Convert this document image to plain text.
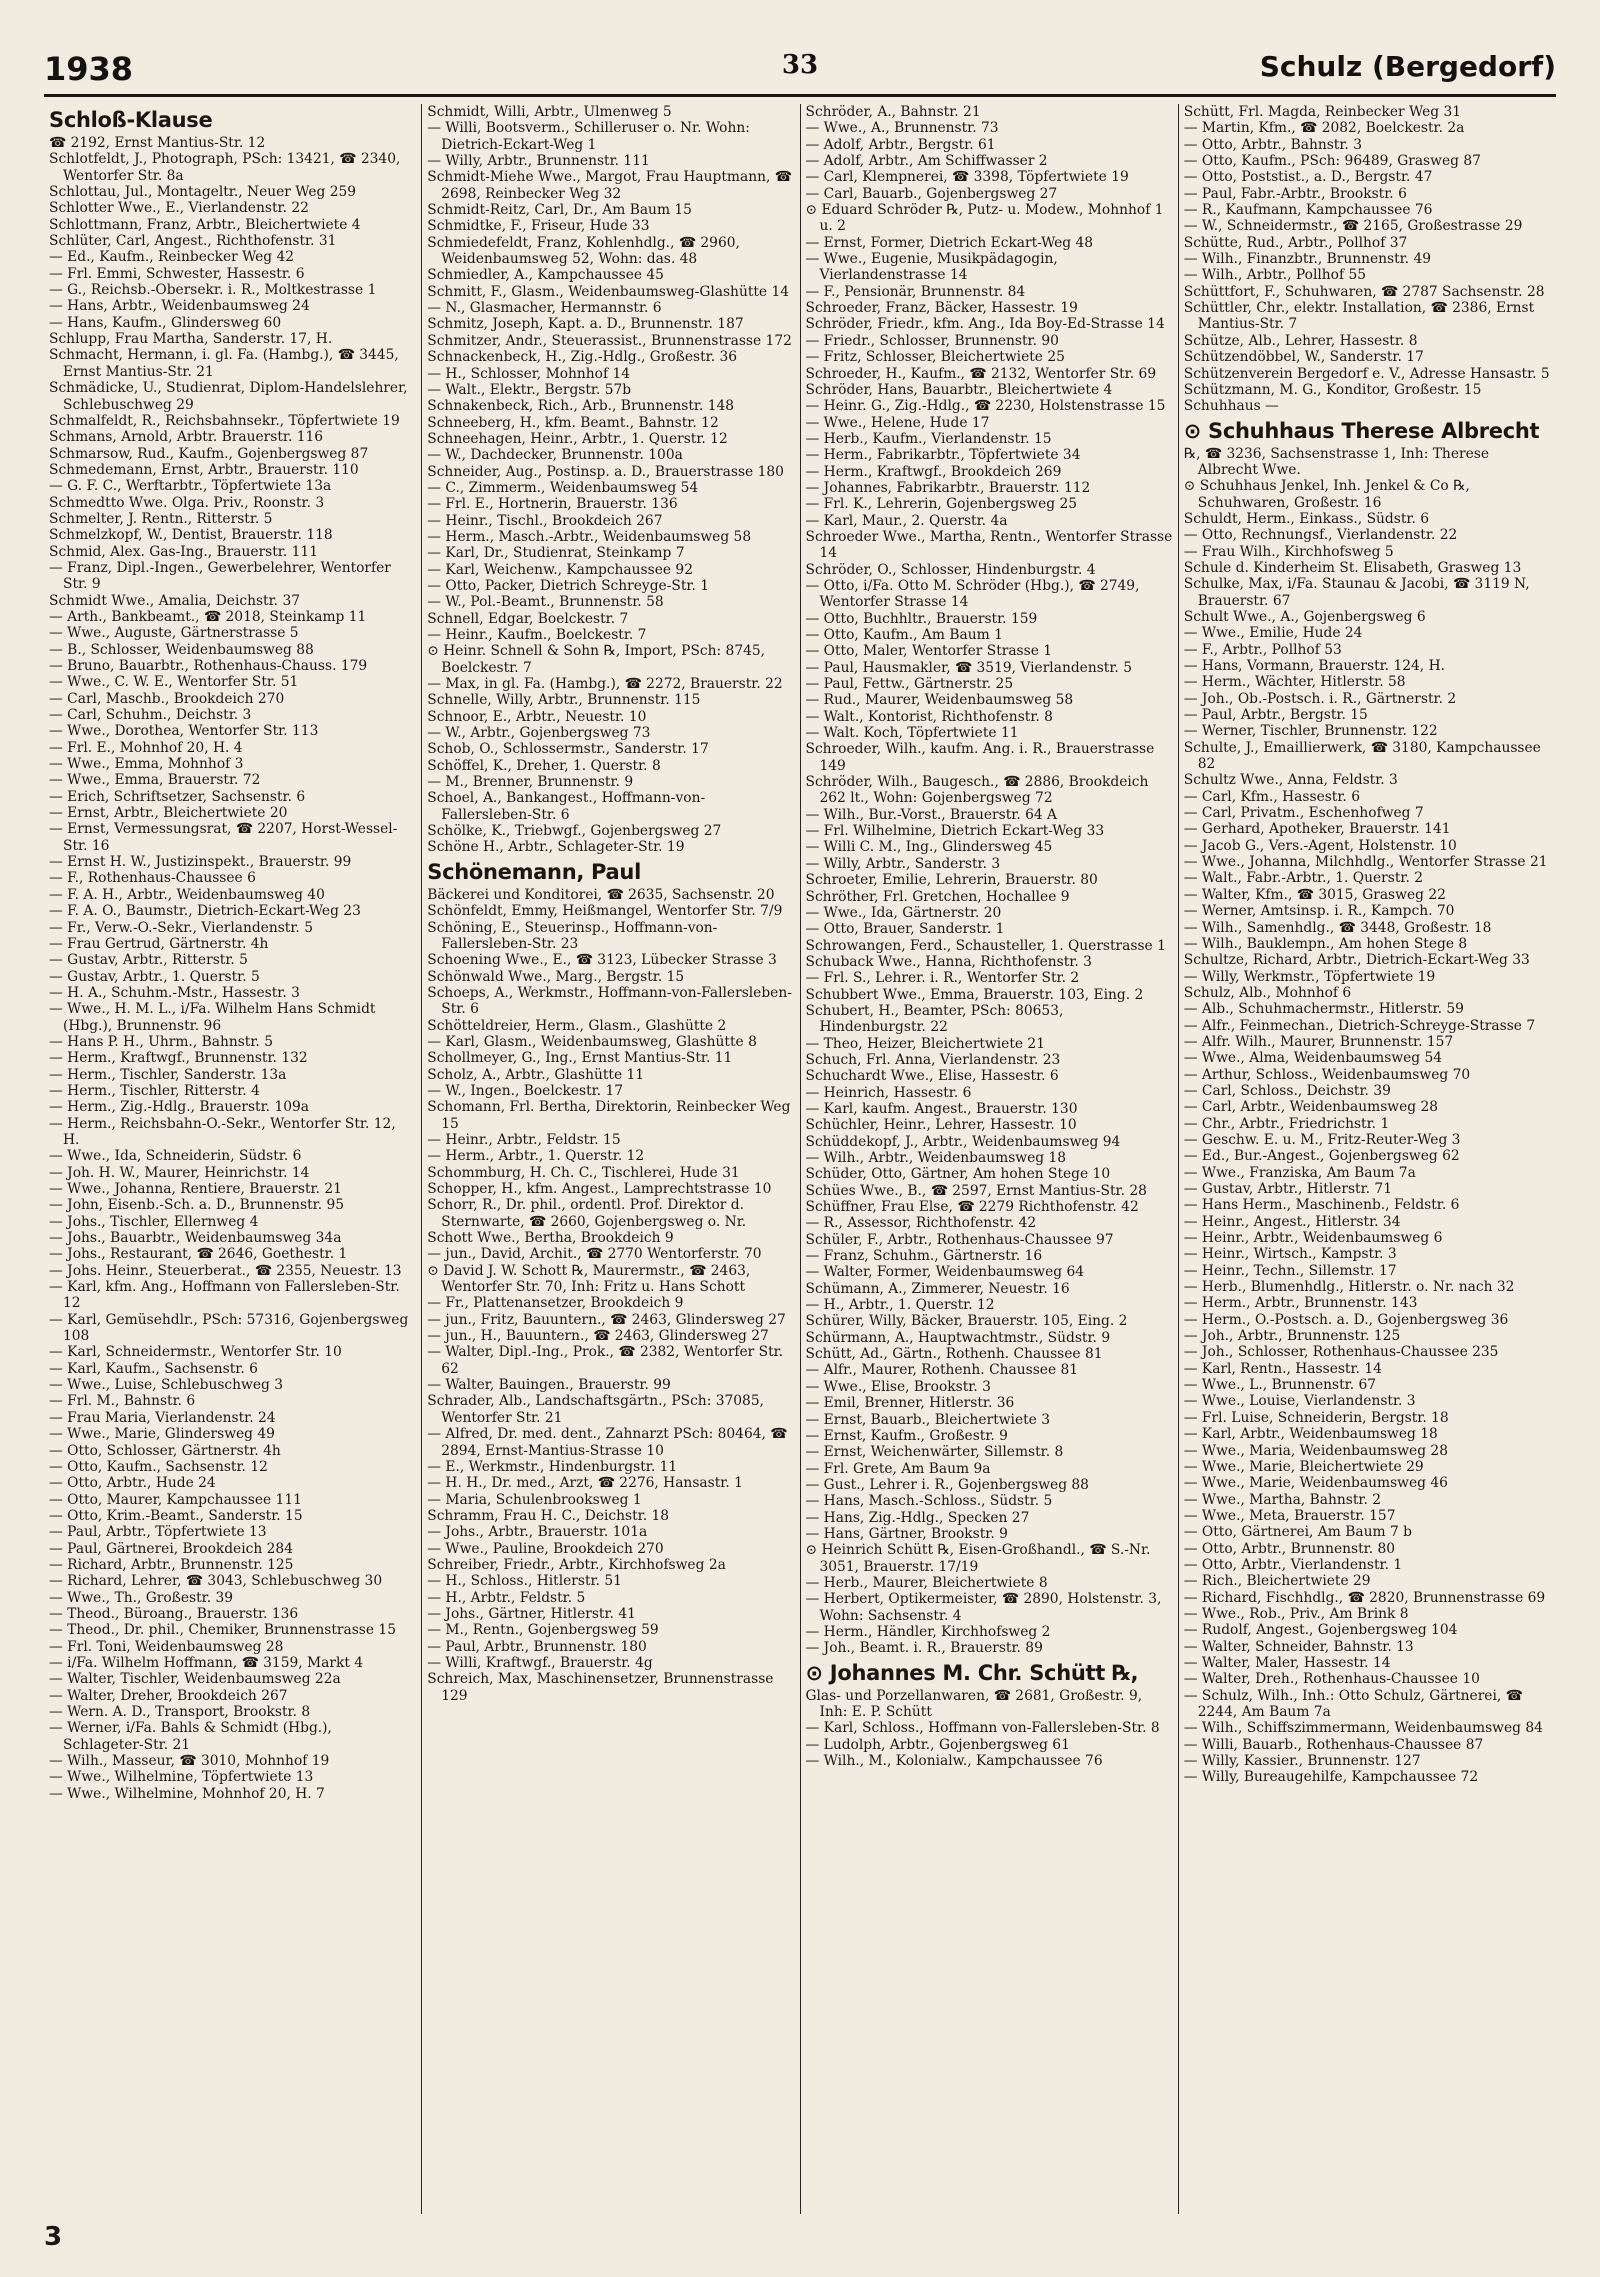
1938	33	Schulz (Bergedorf)
Schloß-Klause
☎ 2192, Ernst Mantius-Str. 12
Schlotfeldt, J., Photograph, PSch: 13421, ☎ 2340, Wentorfer Str. 8a
Schlottau, Jul., Montageltr., Neuer Weg 259
Schlotter Wwe., E., Vierlandenstr. 22
Schlottmann, Franz, Arbtr., Bleichertwiete 4
Schlüter, Carl, Angest., Richthofenstr. 31
— Ed., Kaufm., Reinbecker Weg 42
— Frl. Emmi, Schwester, Hassestr. 6
— G., Reichsb.-Obersekr. i. R., Moltkestrasse 1
— Hans, Arbtr., Weidenbaumsweg 24
— Hans, Kaufm., Glindersweg 60
Schlupp, Frau Martha, Sanderstr. 17, H.
Schmacht, Hermann, i. gl. Fa. (Hambg.), ☎ 3445, Ernst Mantius-Str. 21
Schmädicke, U., Studienrat, Diplom-Handelslehrer, Schlebuschweg 29
Schmalfeldt, R., Reichsbahnsekr., Töpfertwiete 19
Schmans, Arnold, Arbtr. Brauerstr. 116
Schmarsow, Rud., Kaufm., Gojenbergsweg 87
Schmedemann, Ernst, Arbtr., Brauerstr. 110
— G. F. C., Werftarbtr., Töpfertwiete 13a
Schmedtto Wwe. Olga. Priv., Roonstr. 3
Schmelter, J. Rentn., Ritterstr. 5
Schmelzkopf, W., Dentist, Brauerstr. 118
Schmid, Alex. Gas-Ing., Brauerstr. 111
— Franz, Dipl.-Ingen., Gewerbelehrer, Wentorfer Str. 9
Schmidt Wwe., Amalia, Deichstr. 37
— Arth., Bankbeamt., ☎ 2018, Steinkamp 11
— Wwe., Auguste, Gärtnerstrasse 5
— B., Schlosser, Weidenbaumsweg 88
— Bruno, Bauarbtr., Rothenhaus-Chauss. 179
— Wwe., C. W. E., Wentorfer Str. 51
— Carl, Maschb., Brookdeich 270
— Carl, Schuhm., Deichstr. 3
— Wwe., Dorothea, Wentorfer Str. 113
— Frl. E., Mohnhof 20, H. 4
— Wwe., Emma, Mohnhof 3
— Wwe., Emma, Brauerstr. 72
— Erich, Schriftsetzer, Sachsenstr. 6
— Ernst, Arbtr., Bleichertwiete 20
— Ernst, Vermessungsrat, ☎ 2207, Horst-Wessel-Str. 16
— Ernst H. W., Justizinspekt., Brauerstr. 99
— F., Rothenhaus-Chaussee 6
— F. A. H., Arbtr., Weidenbaumsweg 40
— F. A. O., Baumstr., Dietrich-Eckart-Weg 23
— Fr., Verw.-O.-Sekr., Vierlandenstr. 5
— Frau Gertrud, Gärtnerstr. 4h
— Gustav, Arbtr., Ritterstr. 5
— Gustav, Arbtr., 1. Querstr. 5
— H. A., Schuhm.-Mstr., Hassestr. 3
— Wwe., H. M. L., i/Fa. Wilhelm Hans Schmidt (Hbg.), Brunnenstr. 96
— Hans P. H., Uhrm., Bahnstr. 5
— Herm., Kraftwgf., Brunnenstr. 132
— Herm., Tischler, Sanderstr. 13a
— Herm., Tischler, Ritterstr. 4
— Herm., Zig.-Hdlg., Brauerstr. 109a
— Herm., Reichsbahn-O.-Sekr., Wentorfer Str. 12, H.
— Wwe., Ida, Schneiderin, Südstr. 6
— Joh. H. W., Maurer, Heinrichstr. 14
— Wwe., Johanna, Rentiere, Brauerstr. 21
— John, Eisenb.-Sch. a. D., Brunnenstr. 95
— Johs., Tischler, Ellernweg 4
— Johs., Bauarbtr., Weidenbaumsweg 34a
— Johs., Restaurant, ☎ 2646, Goethestr. 1
— Johs. Heinr., Steuerberat., ☎ 2355, Neuestr. 13
— Karl, kfm. Ang., Hoffmann von Fallersleben-Str. 12
— Karl, Gemüsehdlr., PSch: 57316, Gojenbergsweg 108
— Karl, Schneidermstr., Wentorfer Str. 10
— Karl, Kaufm., Sachsenstr. 6
— Wwe., Luise, Schlebuschweg 3
— Frl. M., Bahnstr. 6
— Frau Maria, Vierlandenstr. 24
— Wwe., Marie, Glindersweg 49
— Otto, Schlosser, Gärtnerstr. 4h
— Otto, Kaufm., Sachsenstr. 12
— Otto, Arbtr., Hude 24
— Otto, Maurer, Kampchaussee 111
— Otto, Krim.-Beamt., Sanderstr. 15
— Paul, Arbtr., Töpfertwiete 13
— Paul, Gärtnerei, Brookdeich 284
— Richard, Arbtr., Brunnenstr. 125
— Richard, Lehrer, ☎ 3043, Schlebuschweg 30
— Wwe., Th., Großestr. 39
— Theod., Büroang., Brauerstr. 136
— Theod., Dr. phil., Chemiker, Brunnenstrasse 15
— Frl. Toni, Weidenbaumsweg 28
— i/Fa. Wilhelm Hoffmann, ☎ 3159, Markt 4
— Walter, Tischler, Weidenbaumsweg 22a
— Walter, Dreher, Brookdeich 267
— Wern. A. D., Transport, Brookstr. 8
— Werner, i/Fa. Bahls & Schmidt (Hbg.), Schlageter-Str. 21
— Wilh., Masseur, ☎ 3010, Mohnhof 19
— Wwe., Wilhelmine, Töpfertwiete 13
— Wwe., Wilhelmine, Mohnhof 20, H. 7
Schmidt, Willi, Arbtr., Ulmenweg 5
— Willi, Bootsverm., Schilleruser o. Nr. Wohn: Dietrich-Eckart-Weg 1
— Willy, Arbtr., Brunnenstr. 111
Schmidt-Miehe Wwe., Margot, Frau Hauptmann, ☎ 2698, Reinbecker Weg 32
Schmidt-Reitz, Carl, Dr., Am Baum 15
Schmidtke, F., Friseur, Hude 33
Schmiedefeldt, Franz, Kohlenhdlg., ☎ 2960, Weidenbaumsweg 52, Wohn: das. 48
Schmiedler, A., Kampchaussee 45
Schmitt, F., Glasm., Weidenbaumsweg-Glashütte 14
— N., Glasmacher, Hermannstr. 6
Schmitz, Joseph, Kapt. a. D., Brunnenstr. 187
Schmitzer, Andr., Steuerassist., Brunnenstrasse 172
Schnackenbeck, H., Zig.-Hdlg., Großestr. 36
— H., Schlosser, Mohnhof 14
— Walt., Elektr., Bergstr. 57b
Schnakenbeck, Rich., Arb., Brunnenstr. 148
Schneeberg, H., kfm. Beamt., Bahnstr. 12
Schneehagen, Heinr., Arbtr., 1. Querstr. 12
— W., Dachdecker, Brunnenstr. 100a
Schneider, Aug., Postinsp. a. D., Brauerstrasse 180
— C., Zimmerm., Weidenbaumsweg 54
— Frl. E., Hortnerin, Brauerstr. 136
— Heinr., Tischl., Brookdeich 267
— Herm., Masch.-Arbtr., Weidenbaumsweg 58
— Karl, Dr., Studienrat, Steinkamp 7
— Karl, Weichenw., Kampchaussee 92
— Otto, Packer, Dietrich Schreyge-Str. 1
— W., Pol.-Beamt., Brunnenstr. 58
Schnell, Edgar, Boelckestr. 7
— Heinr., Kaufm., Boelckestr. 7
⊙ Heinr. Schnell & Sohn ℞, Import, PSch: 8745, Boelckestr. 7
— Max, in gl. Fa. (Hambg.), ☎ 2272, Brauerstr. 22
Schnelle, Willy, Arbtr., Brunnenstr. 115
Schnoor, E., Arbtr., Neuestr. 10
— W., Arbtr., Gojenbergsweg 73
Schob, O., Schlossermstr., Sanderstr. 17
Schöffel, K., Dreher, 1. Querstr. 8
— M., Brenner, Brunnenstr. 9
Schoel, A., Bankangest., Hoffmann-von-Fallersleben-Str. 6
Schölke, K., Triebwgf., Gojenbergsweg 27
Schöne H., Arbtr., Schlageter-Str. 19
Schönemann, Paul
Bäckerei und Konditorei, ☎ 2635, Sachsenstr. 20
Schönfeldt, Emmy, Heißmangel, Wentorfer Str. 7/9
Schöning, E., Steuerinsp., Hoffmann-von-Fallersleben-Str. 23
Schoening Wwe., E., ☎ 3123, Lübecker Strasse 3
Schönwald Wwe., Marg., Bergstr. 15
Schoeps, A., Werkmstr., Hoffmann-von-Fallersleben-Str. 6
Schötteldreier, Herm., Glasm., Glashütte 2
— Karl, Glasm., Weidenbaumsweg, Glashütte 8
Schollmeyer, G., Ing., Ernst Mantius-Str. 11
Scholz, A., Arbtr., Glashütte 11
— W., Ingen., Boelckestr. 17
Schomann, Frl. Bertha, Direktorin, Reinbecker Weg 15
— Heinr., Arbtr., Feldstr. 15
— Herm., Arbtr., 1. Querstr. 12
Schommburg, H. Ch. C., Tischlerei, Hude 31
Schopper, H., kfm. Angest., Lamprechtstrasse 10
Schorr, R., Dr. phil., ordentl. Prof. Direktor d. Sternwarte, ☎ 2660, Gojenbergsweg o. Nr.
Schott Wwe., Bertha, Brookdeich 9
— jun., David, Archit., ☎ 2770 Wentorferstr. 70
⊙ David J. W. Schott ℞, Maurermstr., ☎ 2463, Wentorfer Str. 70, Inh: Fritz u. Hans Schott
— Fr., Plattenansetzer, Brookdeich 9
— jun., Fritz, Bauuntern., ☎ 2463, Glindersweg 27
— jun., H., Bauuntern., ☎ 2463, Glindersweg 27
— Walter, Dipl.-Ing., Prok., ☎ 2382, Wentorfer Str. 62
— Walter, Bauingen., Brauerstr. 99
Schrader, Alb., Landschaftsgärtn., PSch: 37085, Wentorfer Str. 21
— Alfred, Dr. med. dent., Zahnarzt PSch: 80464, ☎ 2894, Ernst-Mantius-Strasse 10
— E., Werkmstr., Hindenburgstr. 11
— H. H., Dr. med., Arzt, ☎ 2276, Hansastr. 1
— Maria, Schulenbrooksweg 1
Schramm, Frau H. C., Deichstr. 18
— Johs., Arbtr., Brauerstr. 101a
— Wwe., Pauline, Brookdeich 270
Schreiber, Friedr., Arbtr., Kirchhofsweg 2a
— H., Schloss., Hitlerstr. 51
— H., Arbtr., Feldstr. 5
— Johs., Gärtner, Hitlerstr. 41
— M., Rentn., Gojenbergsweg 59
— Paul, Arbtr., Brunnenstr. 180
— Willi, Kraftwgf., Brauerstr. 4g
Schreich, Max, Maschinensetzer, Brunnenstrasse 129
Schröder, A., Bahnstr. 21
— Wwe., A., Brunnenstr. 73
— Adolf, Arbtr., Bergstr. 61
— Adolf, Arbtr., Am Schiffwasser 2
— Carl, Klempnerei, ☎ 3398, Töpfertwiete 19
— Carl, Bauarb., Gojenbergsweg 27
⊙ Eduard Schröder ℞, Putz- u. Modew., Mohnhof 1 u. 2
— Ernst, Former, Dietrich Eckart-Weg 48
— Wwe., Eugenie, Musikpädagogin, Vierlandenstrasse 14
— F., Pensionär, Brunnenstr. 84
Schroeder, Franz, Bäcker, Hassestr. 19
Schröder, Friedr., kfm. Ang., Ida Boy-Ed-Strasse 14
— Friedr., Schlosser, Brunnenstr. 90
— Fritz, Schlosser, Bleichertwiete 25
Schroeder, H., Kaufm., ☎ 2132, Wentorfer Str. 69
Schröder, Hans, Bauarbtr., Bleichertwiete 4
— Heinr. G., Zig.-Hdlg., ☎ 2230, Holstenstrasse 15
— Wwe., Helene, Hude 17
— Herb., Kaufm., Vierlandenstr. 15
— Herm., Fabrikarbtr., Töpfertwiete 34
— Herm., Kraftwgf., Brookdeich 269
— Johannes, Fabrikarbtr., Brauerstr. 112
— Frl. K., Lehrerin, Gojenbergsweg 25
— Karl, Maur., 2. Querstr. 4a
Schroeder Wwe., Martha, Rentn., Wentorfer Strasse 14
Schröder, O., Schlosser, Hindenburgstr. 4
— Otto, i/Fa. Otto M. Schröder (Hbg.), ☎ 2749, Wentorfer Strasse 14
— Otto, Buchhltr., Brauerstr. 159
— Otto, Kaufm., Am Baum 1
— Otto, Maler, Wentorfer Strasse 1
— Paul, Hausmakler, ☎ 3519, Vierlandenstr. 5
— Paul, Fettw., Gärtnerstr. 25
— Rud., Maurer, Weidenbaumsweg 58
— Walt., Kontorist, Richthofenstr. 8
— Walt. Koch, Töpfertwiete 11
Schroeder, Wilh., kaufm. Ang. i. R., Brauerstrasse 149
Schröder, Wilh., Baugesch., ☎ 2886, Brookdeich 262 lt., Wohn: Gojenbergsweg 72
— Wilh., Bur.-Vorst., Brauerstr. 64 A
— Frl. Wilhelmine, Dietrich Eckart-Weg 33
— Willi C. M., Ing., Glindersweg 45
— Willy, Arbtr., Sanderstr. 3
Schroeter, Emilie, Lehrerin, Brauerstr. 80
Schröther, Frl. Gretchen, Hochallee 9
— Wwe., Ida, Gärtnerstr. 20
— Otto, Brauer, Sanderstr. 1
Schrowangen, Ferd., Schausteller, 1. Querstrasse 1
Schuback Wwe., Hanna, Richthofenstr. 3
— Frl. S., Lehrer. i. R., Wentorfer Str. 2
Schubbert Wwe., Emma, Brauerstr. 103, Eing. 2
Schubert, H., Beamter, PSch: 80653, Hindenburgstr. 22
— Theo, Heizer, Bleichertwiete 21
Schuch, Frl. Anna, Vierlandenstr. 23
Schuchardt Wwe., Elise, Hassestr. 6
— Heinrich, Hassestr. 6
— Karl, kaufm. Angest., Brauerstr. 130
Schüchler, Heinr., Lehrer, Hassestr. 10
Schüddekopf, J., Arbtr., Weidenbaumsweg 94
— Wilh., Arbtr., Weidenbaumsweg 18
Schüder, Otto, Gärtner, Am hohen Stege 10
Schües Wwe., B., ☎ 2597, Ernst Mantius-Str. 28
Schüffner, Frau Else, ☎ 2279 Richthofenstr. 42
— R., Assessor, Richthofenstr. 42
Schüler, F., Arbtr., Rothenhaus-Chaussee 97
— Franz, Schuhm., Gärtnerstr. 16
— Walter, Former, Weidenbaumsweg 64
Schümann, A., Zimmerer, Neuestr. 16
— H., Arbtr., 1. Querstr. 12
Schürer, Willy, Bäcker, Brauerstr. 105, Eing. 2
Schürmann, A., Hauptwachtmstr., Südstr. 9
Schütt, Ad., Gärtn., Rothenh. Chaussee 81
— Alfr., Maurer, Rothenh. Chaussee 81
— Wwe., Elise, Brookstr. 3
— Emil, Brenner, Hitlerstr. 36
— Ernst, Bauarb., Bleichertwiete 3
— Ernst, Kaufm., Großestr. 9
— Ernst, Weichenwärter, Sillemstr. 8
— Frl. Grete, Am Baum 9a
— Gust., Lehrer i. R., Gojenbergsweg 88
— Hans, Masch.-Schloss., Südstr. 5
— Hans, Zig.-Hdlg., Specken 27
— Hans, Gärtner, Brookstr. 9
⊙ Heinrich Schütt ℞, Eisen-Großhandl., ☎ S.-Nr. 3051, Brauerstr. 17/19
— Herb., Maurer, Bleichertwiete 8
— Herbert, Optikermeister, ☎ 2890, Holstenstr. 3, Wohn: Sachsenstr. 4
— Herm., Händler, Kirchhofsweg 2
— Joh., Beamt. i. R., Brauerstr. 89
⊙ Johannes M. Chr. Schütt ℞,
Glas- und Porzellanwaren, ☎ 2681, Großestr. 9, Inh: E. P. Schütt
— Karl, Schloss., Hoffmann von-Fallersleben-Str. 8
— Ludolph, Arbtr., Gojenbergsweg 61
— Wilh., M., Kolonialw., Kampchaussee 76
Schütt, Frl. Magda, Reinbecker Weg 31
— Martin, Kfm., ☎ 2082, Boelckestr. 2a
— Otto, Arbtr., Bahnstr. 3
— Otto, Kaufm., PSch: 96489, Grasweg 87
— Otto, Poststist., a. D., Bergstr. 47
— Paul, Fabr.-Arbtr., Brookstr. 6
— R., Kaufmann, Kampchaussee 76
— W., Schneidermstr., ☎ 2165, Großestrasse 29
Schütte, Rud., Arbtr., Pollhof 37
— Wilh., Finanzbtr., Brunnenstr. 49
— Wilh., Arbtr., Pollhof 55
Schüttfort, F., Schuhwaren, ☎ 2787 Sachsenstr. 28
Schüttler, Chr., elektr. Installation, ☎ 2386, Ernst Mantius-Str. 7
Schütze, Alb., Lehrer, Hassestr. 8
Schützendöbbel, W., Sanderstr. 17
Schützenverein Bergedorf e. V., Adresse Hansastr. 5
Schützmann, M. G., Konditor, Großestr. 15
Schuhhaus —
⊙ Schuhhaus Therese Albrecht
℞, ☎ 3236, Sachsenstrasse 1, Inh: Therese Albrecht Wwe.
⊙ Schuhhaus Jenkel, Inh. Jenkel & Co ℞, Schuhwaren, Großestr. 16
Schuldt, Herm., Einkass., Südstr. 6
— Otto, Rechnungsf., Vierlandenstr. 22
— Frau Wilh., Kirchhofsweg 5
Schule d. Kinderheim St. Elisabeth, Grasweg 13
Schulke, Max, i/Fa. Staunau & Jacobi, ☎ 3119 N, Brauerstr. 67
Schult Wwe., A., Gojenbergsweg 6
— Wwe., Emilie, Hude 24
— F., Arbtr., Pollhof 53
— Hans, Vormann, Brauerstr. 124, H.
— Herm., Wächter, Hitlerstr. 58
— Joh., Ob.-Postsch. i. R., Gärtnerstr. 2
— Paul, Arbtr., Bergstr. 15
— Werner, Tischler, Brunnenstr. 122
Schulte, J., Emaillierwerk, ☎ 3180, Kampchaussee 82
Schultz Wwe., Anna, Feldstr. 3
— Carl, Kfm., Hassestr. 6
— Carl, Privatm., Eschenhofweg 7
— Gerhard, Apotheker, Brauerstr. 141
— Jacob G., Vers.-Agent, Holstenstr. 10
— Wwe., Johanna, Milchhdlg., Wentorfer Strasse 21
— Walt., Fabr.-Arbtr., 1. Querstr. 2
— Walter, Kfm., ☎ 3015, Grasweg 22
— Werner, Amtsinsp. i. R., Kampch. 70
— Wilh., Samenhdlg., ☎ 3448, Großestr. 18
— Wilh., Bauklempn., Am hohen Stege 8
Schultze, Richard, Arbtr., Dietrich-Eckart-Weg 33
— Willy, Werkmstr., Töpfertwiete 19
Schulz, Alb., Mohnhof 6
— Alb., Schuhmachermstr., Hitlerstr. 59
— Alfr., Feinmechan., Dietrich-Schreyge-Strasse 7
— Alfr. Wilh., Maurer, Brunnenstr. 157
— Wwe., Alma, Weidenbaumsweg 54
— Arthur, Schloss., Weidenbaumsweg 70
— Carl, Schloss., Deichstr. 39
— Carl, Arbtr., Weidenbaumsweg 28
— Chr., Arbtr., Friedrichstr. 1
— Geschw. E. u. M., Fritz-Reuter-Weg 3
— Ed., Bur.-Angest., Gojenbergsweg 62
— Wwe., Franziska, Am Baum 7a
— Gustav, Arbtr., Hitlerstr. 71
— Hans Herm., Maschinenb., Feldstr. 6
— Heinr., Angest., Hitlerstr. 34
— Heinr., Arbtr., Weidenbaumsweg 6
— Heinr., Wirtsch., Kampstr. 3
— Heinr., Techn., Sillemstr. 17
— Herb., Blumenhdlg., Hitlerstr. o. Nr. nach 32
— Herm., Arbtr., Brunnenstr. 143
— Herm., O.-Postsch. a. D., Gojenbergsweg 36
— Joh., Arbtr., Brunnenstr. 125
— Joh., Schlosser, Rothenhaus-Chaussee 235
— Karl, Rentn., Hassestr. 14
— Wwe., L., Brunnenstr. 67
— Wwe., Louise, Vierlandenstr. 3
— Frl. Luise, Schneiderin, Bergstr. 18
— Karl, Arbtr., Weidenbaumsweg 18
— Wwe., Maria, Weidenbaumsweg 28
— Wwe., Marie, Bleichertwiete 29
— Wwe., Marie, Weidenbaumsweg 46
— Wwe., Martha, Bahnstr. 2
— Wwe., Meta, Brauerstr. 157
— Otto, Gärtnerei, Am Baum 7 b
— Otto, Arbtr., Brunnenstr. 80
— Otto, Arbtr., Vierlandenstr. 1
— Rich., Bleichertwiete 29
— Richard, Fischhdlg., ☎ 2820, Brunnenstrasse 69
— Wwe., Rob., Priv., Am Brink 8
— Rudolf, Angest., Gojenbergsweg 104
— Walter, Schneider, Bahnstr. 13
— Walter, Maler, Hassestr. 14
— Walter, Dreh., Rothenhaus-Chaussee 10
— Schulz, Wilh., Inh.: Otto Schulz, Gärtnerei, ☎ 2244, Am Baum 7a
— Wilh., Schiffszimmermann, Weidenbaumsweg 84
— Willi, Bauarb., Rothenhaus-Chaussee 87
— Willy, Kassier., Brunnenstr. 127
— Willy, Bureaugehilfe, Kampchaussee 72
3
